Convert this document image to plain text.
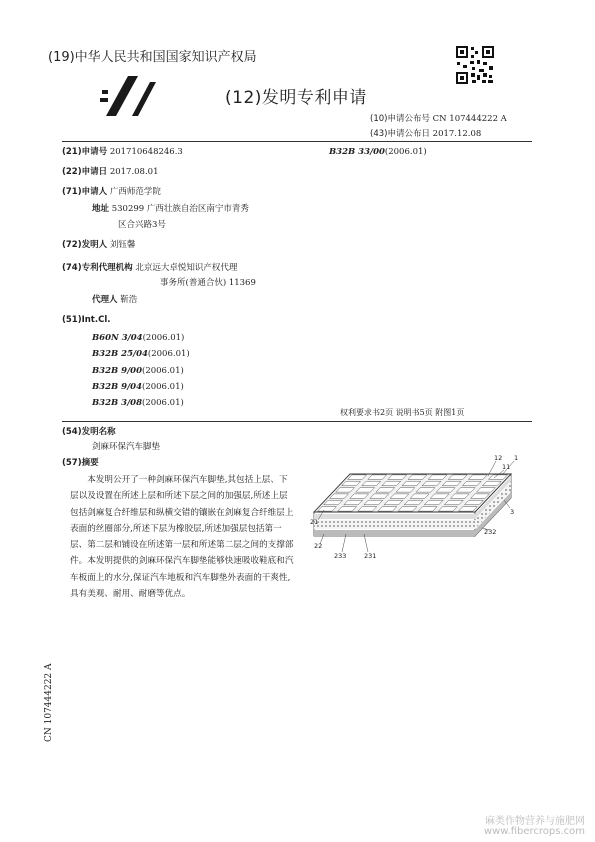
(19)中华人民共和国国家知识产权局
(12)发明专利申请
(10)申请公布号 CN 107444222 A
(43)申请公布日 2017.12.08
(21)申请号 201710648246.3	B32B 33/00(2006.01)
(22)申请日 2017.08.01
(71)申请人 广西师范学院
地址 530299 广西壮族自治区南宁市青秀
区合兴路3号
(72)发明人 刘钰馨
(74)专利代理机构 北京远大卓悦知识产权代理
事务所(普通合伙) 11369
代理人 靳浩
(51)Int.Cl.
B60N 3/04(2006.01)
B32B 25/04(2006.01)
B32B 9/00(2006.01)
B32B 9/04(2006.01)
B32B 3/08(2006.01)
权利要求书2页 说明书5页 附图1页
(54)发明名称
剑麻环保汽车脚垫
(57)摘要
本发明公开了一种剑麻环保汽车脚垫,其包括上层、下层以及设置在所述上层和所述下层之间的加强层,所述上层包括剑麻复合纤维层和纵横交错的镶嵌在剑麻复合纤维层上表面的丝圈部分,所述下层为橡胶层,所述加强层包括第一层、第二层和铺设在所述第一层和所述第二层之间的支撑部件。本发明提供的剑麻环保汽车脚垫能够快速吸收鞋底和汽车板面上的水分,保证汽车地板和汽车脚垫外表面的干爽性,具有美观、耐用、耐磨等优点。
12 1
11
3
21
232
22
233	231
CN 107444222 A
麻类作物营养与施肥网
www.fibercrops.com
